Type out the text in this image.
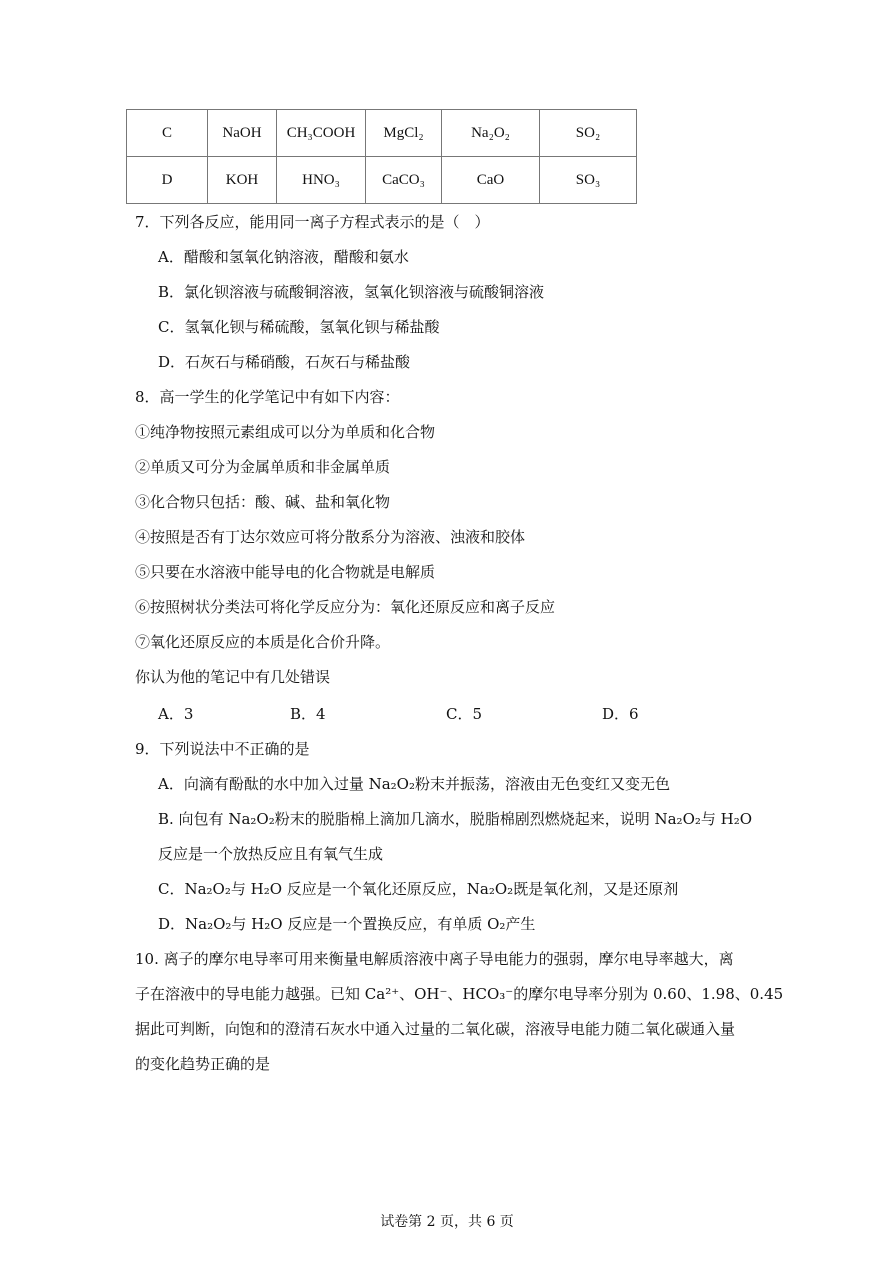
C	NaOH	CH₃COOH	MgCl₂	Na₂O₂	SO₂
D	KOH	HNO₃	CaCO₃	CaO	SO₃
7．下列各反应，能用同一离子方程式表示的是（　）
A．醋酸和氢氧化钠溶液，醋酸和氨水
B．氯化钡溶液与硫酸铜溶液，氢氧化钡溶液与硫酸铜溶液
C．氢氧化钡与稀硫酸，氢氧化钡与稀盐酸
D．石灰石与稀硝酸，石灰石与稀盐酸
8．高一学生的化学笔记中有如下内容：
①纯净物按照元素组成可以分为单质和化合物
②单质又可分为金属单质和非金属单质
③化合物只包括：酸、碱、盐和氧化物
④按照是否有丁达尔效应可将分散系分为溶液、浊液和胶体
⑤只要在水溶液中能导电的化合物就是电解质
⑥按照树状分类法可将化学反应分为：氧化还原反应和离子反应
⑦氧化还原反应的本质是化合价升降。
你认为他的笔记中有几处错误
A．3	B．4	C．5	D．6
9．下列说法中不正确的是
A．向滴有酚酞的水中加入过量 Na₂O₂粉末并振荡，溶液由无色变红又变无色
B. 向包有 Na₂O₂粉末的脱脂棉上滴加几滴水，脱脂棉剧烈燃烧起来，说明 Na₂O₂与 H₂O
反应是一个放热反应且有氧气生成
C．Na₂O₂与 H₂O 反应是一个氧化还原反应，Na₂O₂既是氧化剂，又是还原剂
D．Na₂O₂与 H₂O 反应是一个置换反应，有单质 O₂产生
10. 离子的摩尔电导率可用来衡量电解质溶液中离子导电能力的强弱，摩尔电导率越大，离
子在溶液中的导电能力越强。已知 Ca²⁺、OH⁻、HCO₃⁻的摩尔电导率分别为 0.60、1.98、0.45
据此可判断，向饱和的澄清石灰水中通入过量的二氧化碳，溶液导电能力随二氧化碳通入量
的变化趋势正确的是
试卷第 2 页，共 6 页
